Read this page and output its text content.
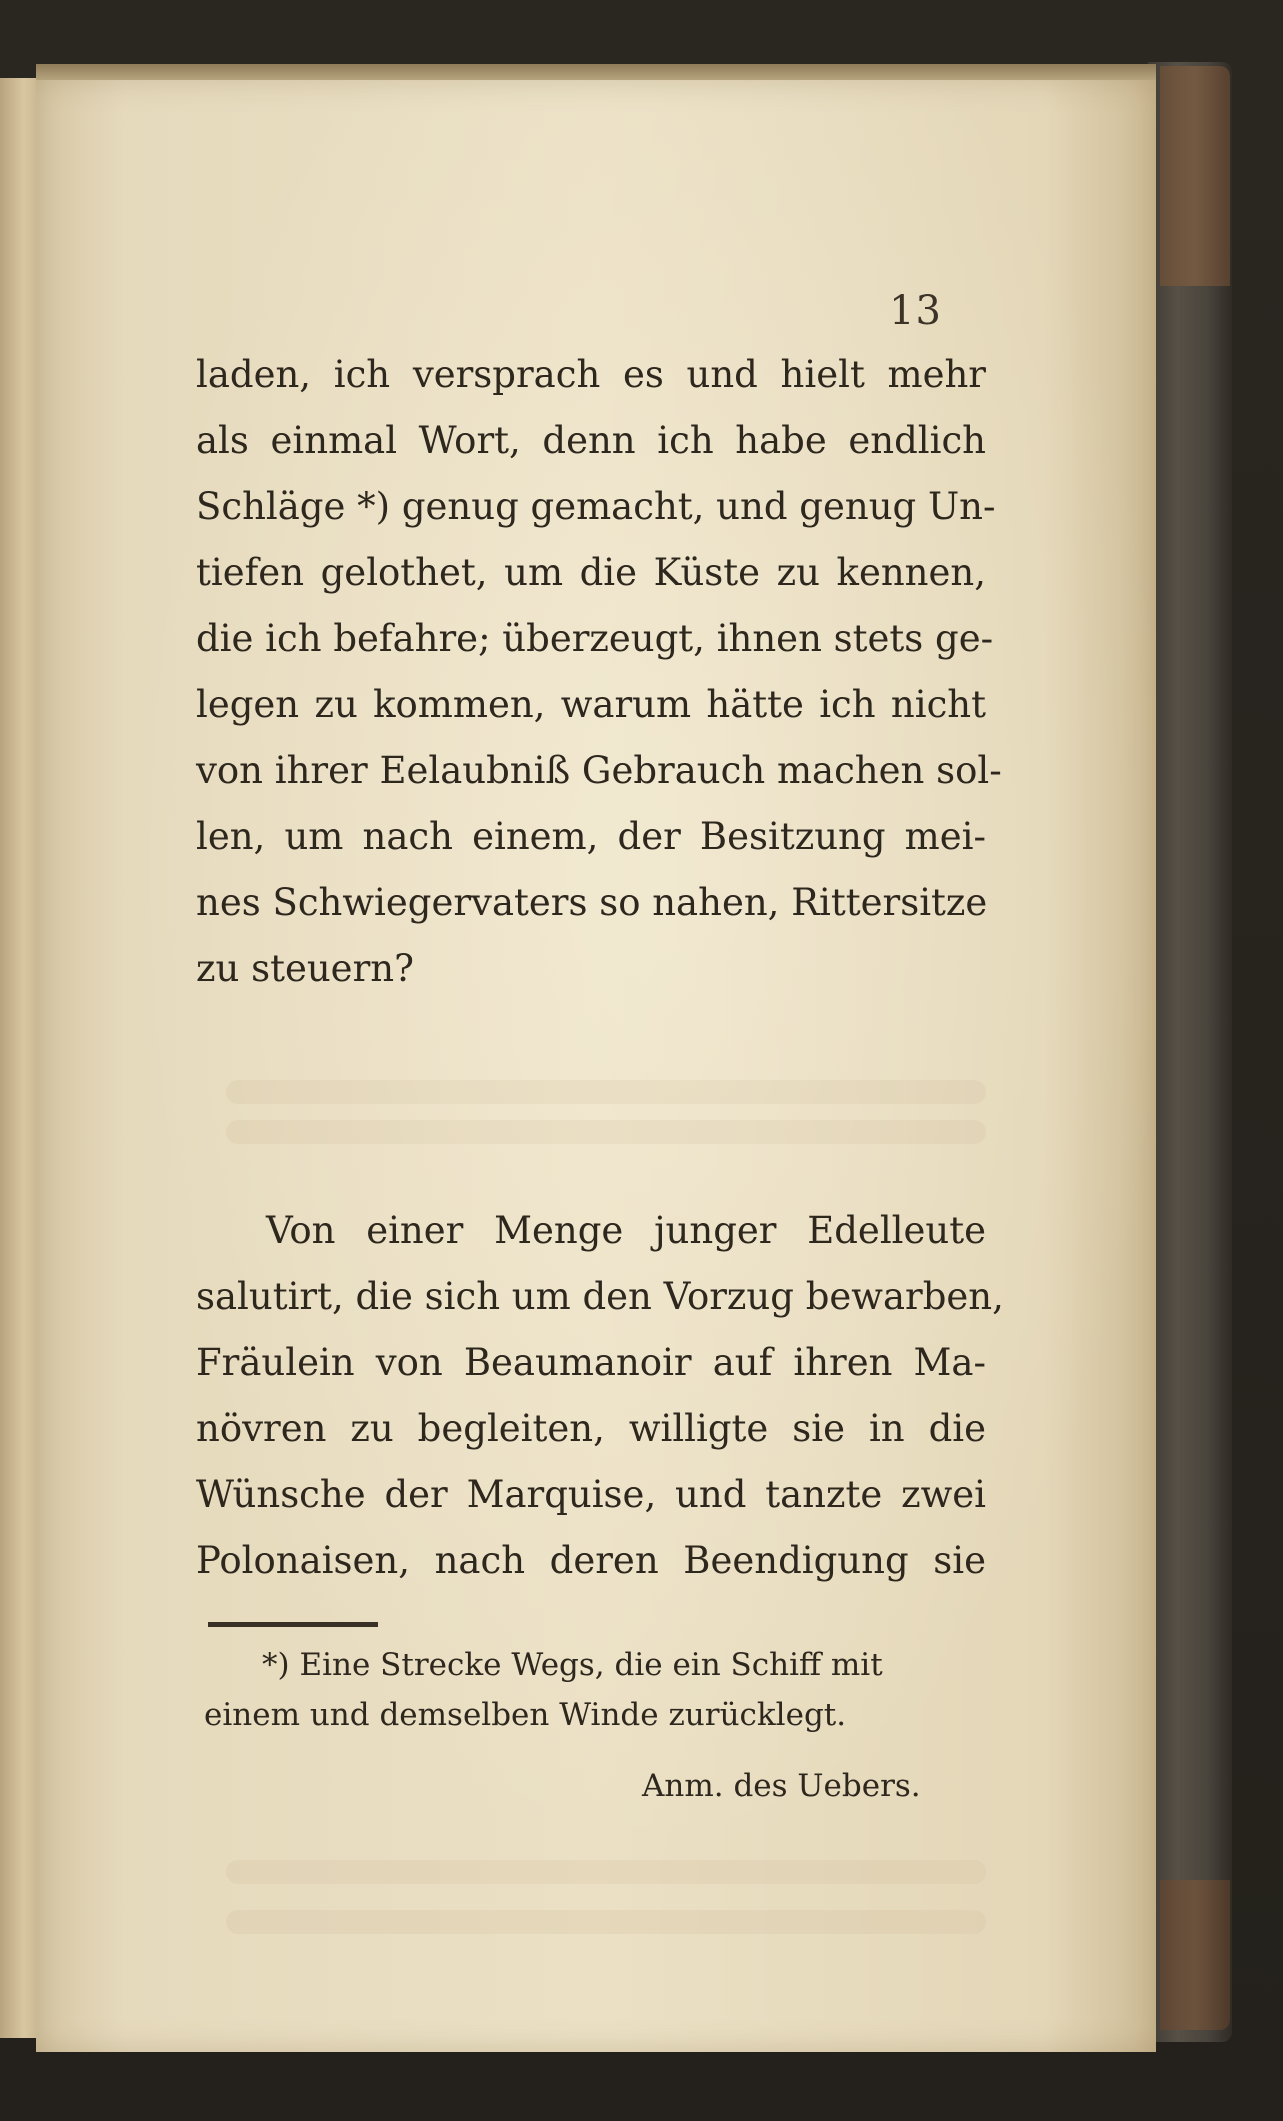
13
laden, ich versprach es und hielt mehr
als einmal Wort, denn ich habe endlich
Schläge *) genug gemacht, und genug Un-
tiefen gelothet, um die Küste zu kennen,
die ich befahre; überzeugt, ihnen stets ge-
legen zu kommen, warum hätte ich nicht
von ihrer Eelaubniß Gebrauch machen sol-
len, um nach einem, der Besitzung mei-
nes Schwiegervaters so nahen, Rittersitze
zu steuern?
Von einer Menge junger Edelleute
salutirt, die sich um den Vorzug bewarben,
Fräulein von Beaumanoir auf ihren Ma-
növren zu begleiten, willigte sie in die
Wünsche der Marquise, und tanzte zwei
Polonaisen, nach deren Beendigung sie
*) Eine Strecke Wegs, die ein Schiff mit
einem und demselben Winde zurücklegt.
Anm. des Uebers.
